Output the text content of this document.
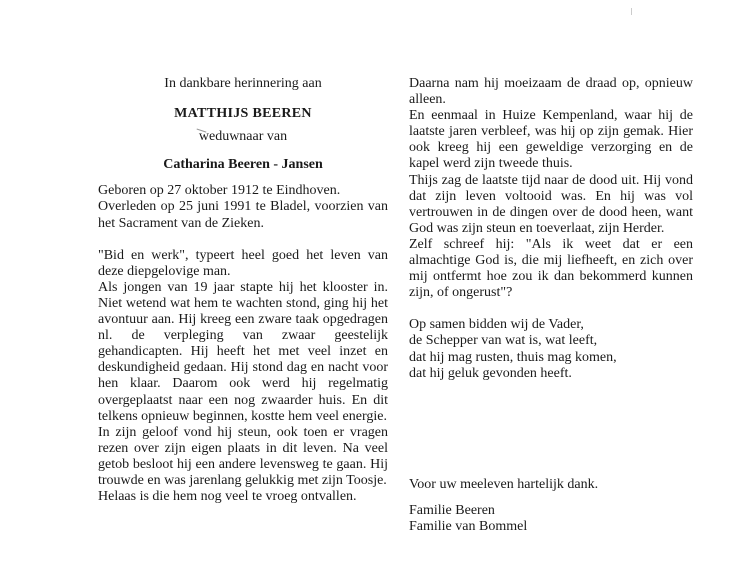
In dankbare herinnering aan
MATTHIJS BEEREN
weduwnaar van
Catharina Beeren - Jansen

Geboren op 27 oktober 1912 te Eindhoven.

Overleden op 25 juni 1991 te Bladel, voorzien van het Sacrament van de Zieken.

"Bid en werk", typeert heel goed het leven van deze diepgelovige man.

Als jongen van 19 jaar stapte hij het klooster in. Niet wetend wat hem te wachten stond, ging hij het avontuur aan. Hij kreeg een zware taak opgedragen nl. de verpleging van zwaar geestelijk gehandicapten. Hij heeft het met veel inzet en deskundigheid gedaan. Hij stond dag en nacht voor hen klaar. Daarom ook werd hij regelmatig overgeplaatst naar een nog zwaarder huis. En dit telkens opnieuw beginnen, kostte hem veel energie.

In zijn geloof vond hij steun, ook toen er vragen rezen over zijn eigen plaats in dit leven. Na veel getob besloot hij een andere levensweg te gaan. Hij trouwde en was jarenlang gelukkig met zijn Toosje.

Helaas is die hem nog veel te vroeg ontvallen.

Daarna nam hij moeizaam de draad op, opnieuw alleen.

En eenmaal in Huize Kempenland, waar hij de laatste jaren verbleef, was hij op zijn gemak. Hier ook kreeg hij een geweldige verzorging en de kapel werd zijn tweede thuis.

Thijs zag de laatste tijd naar de dood uit. Hij vond dat zijn leven voltooid was. En hij was vol vertrouwen in de dingen over de dood heen, want God was zijn steun en toeverlaat, zijn Herder.

Zelf schreef hij: "Als ik weet dat er een almachtige God is, die mij liefheeft, en zich over mij ontfermt hoe zou ik dan bekommerd kunnen zijn, of ongerust"?

Op samen bidden wij de Vader,
de Schepper van wat is, wat leeft,
dat hij mag rusten, thuis mag komen,
dat hij geluk gevonden heeft.

Voor uw meeleven hartelijk dank.

Familie Beeren

Familie van Bommel
